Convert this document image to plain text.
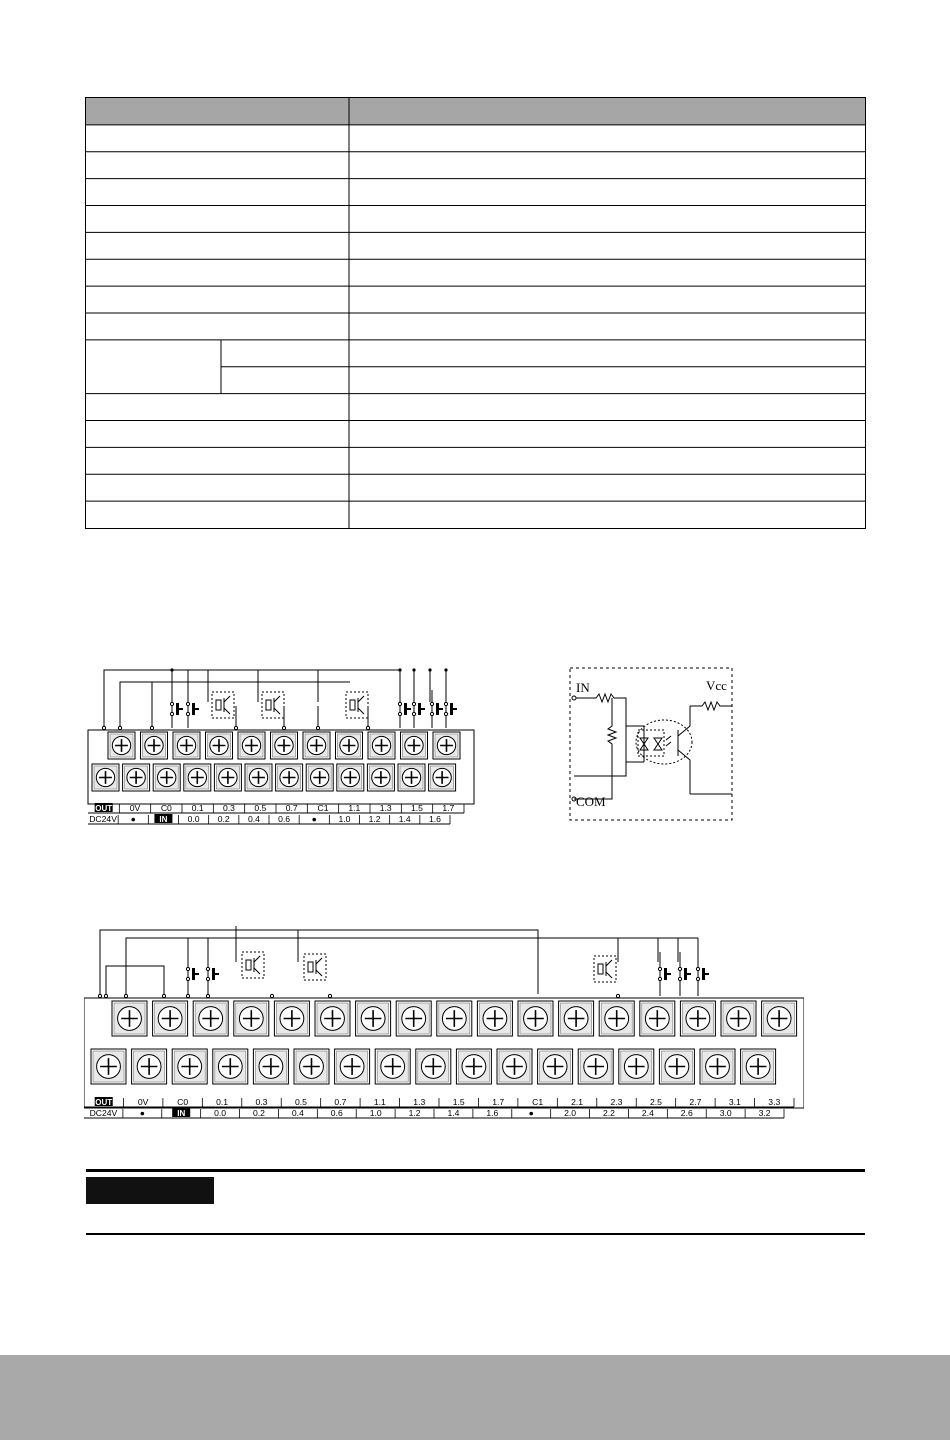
OUT 0V C0 0.1 0.3 0.5 0.7 C1 1.1 1.3 1.5 1.7
DC24V ●	IN 0.0 0.2 0.4 0.6	●	1.0 1.2 1.4 1.6
IN	Vcc
COM
OUT	0V	C0	0.1	0.3	0.5	0.7	1.1	1.3	1.5	1.7	C1	2.1	2.3	2.5	2.7	3.1	3.3
DC24V	●	IN	0.0	0.2	0.4	0.6	1.0	1.2	1.4	1.6	●	2.0	2.2	2.4	2.6	3.0	3.2
